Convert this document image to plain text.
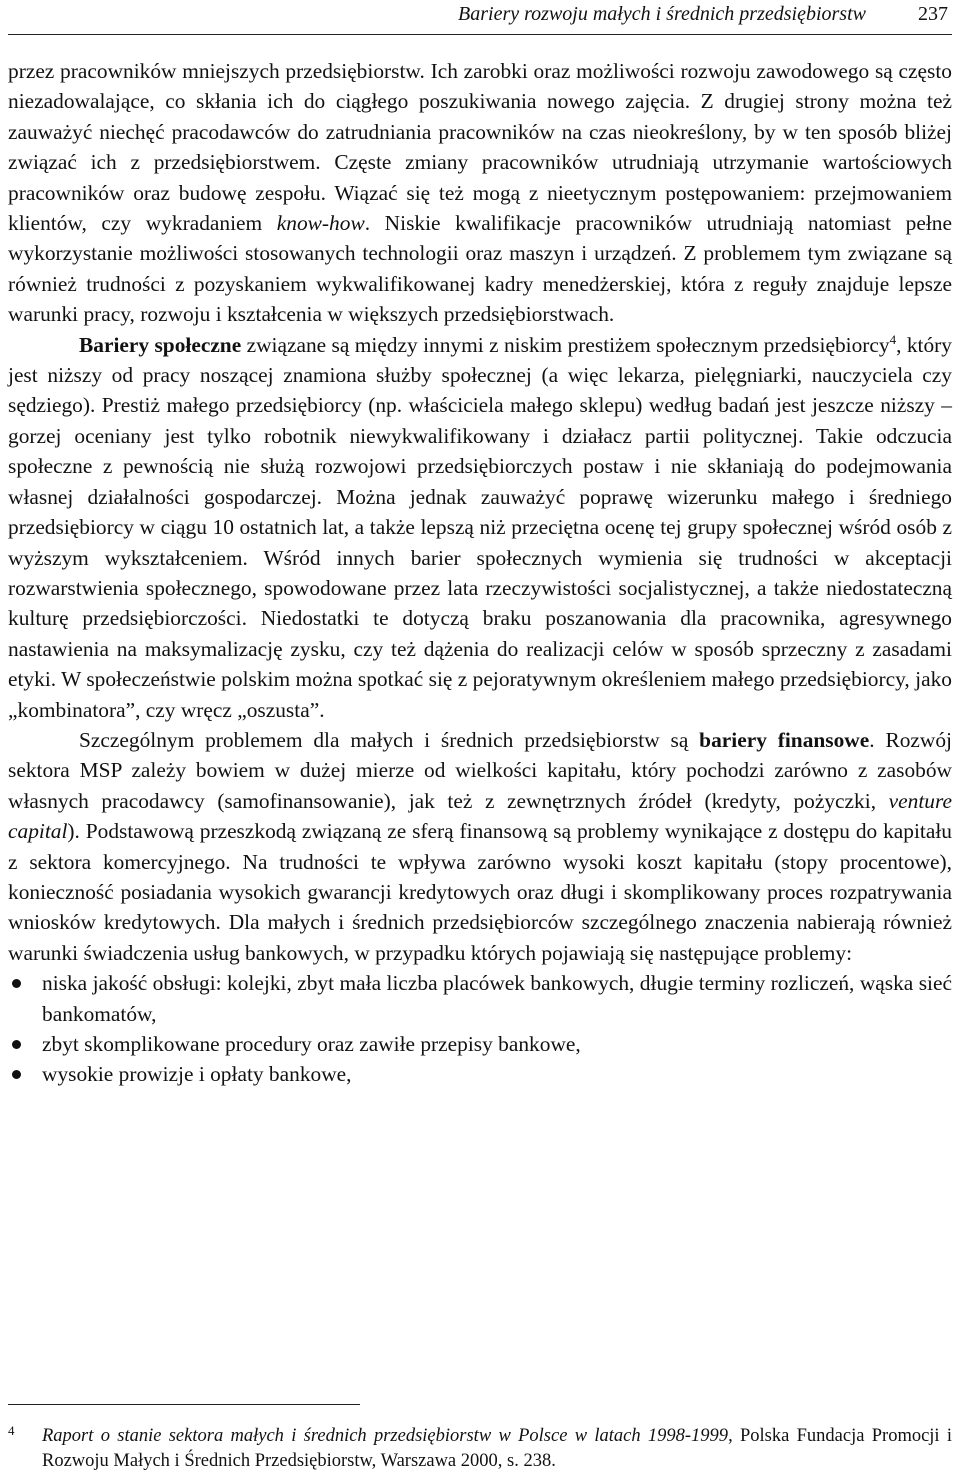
Bariery rozwoju małych i średnich przedsiębiorstw	237

przez pracowników mniejszych przedsiębiorstw. Ich zarobki oraz możliwości rozwoju zawodowego są często niezadowalające, co skłania ich do ciągłego poszukiwania nowego zajęcia. Z drugiej strony można też zauważyć niechęć pracodawców do zatrudniania pracowników na czas nieokreślony, by w ten sposób bliżej związać ich z przedsiębiorstwem. Częste zmiany pracowników utrudniają utrzymanie wartościowych pracowników oraz budowę zespołu. Wiązać się też mogą z nieetycznym postępowaniem: przejmowaniem klientów, czy wykradaniem know-how. Niskie kwalifikacje pracowników utrudniają natomiast pełne wykorzystanie możliwości stosowanych technologii oraz maszyn i urządzeń. Z problemem tym związane są również trudności z pozyskaniem wykwalifikowanej kadry menedżerskiej, która z reguły znajduje lepsze warunki pracy, rozwoju i kształcenia w większych przedsiębiorstwach.

Bariery społeczne związane są między innymi z niskim prestiżem społecznym przedsiębiorcy$^4$, który jest niższy od pracy noszącej znamiona służby społecznej (a więc lekarza, pielęgniarki, nauczyciela czy sędziego). Prestiż małego przedsiębiorcy (np. właściciela małego sklepu) według badań jest jeszcze niższy – gorzej oceniany jest tylko robotnik niewykwalifikowany i działacz partii politycznej. Takie odczucia społeczne z pewnością nie służą rozwojowi przedsiębiorczych postaw i nie skłaniają do podejmowania własnej działalności gospodarczej. Można jednak zauważyć poprawę wizerunku małego i średniego przedsiębiorcy w ciągu 10 ostatnich lat, a także lepszą niż przeciętna ocenę tej grupy społecznej wśród osób z wyższym wykształceniem. Wśród innych barier społecznych wymienia się trudności w akceptacji rozwarstwienia społecznego, spowodowane przez lata rzeczywistości socjalistycznej, a także niedostateczną kulturę przedsiębiorczości. Niedostatki te dotyczą braku poszanowania dla pracownika, agresywnego nastawienia na maksymalizację zysku, czy też dążenia do realizacji celów w sposób sprzeczny z zasadami etyki. W społeczeństwie polskim można spotkać się z pejoratywnym określeniem małego przedsiębiorcy, jako „kombinatora”, czy wręcz „oszusta”.

Szczególnym problemem dla małych i średnich przedsiębiorstw są bariery finansowe. Rozwój sektora MSP zależy bowiem w dużej mierze od wielkości kapitału, który pochodzi zarówno z zasobów własnych pracodawcy (samofinansowanie), jak też z zewnętrznych źródeł (kredyty, pożyczki, venture capital). Podstawową przeszkodą związaną ze sferą finansową są problemy wynikające z dostępu do kapitału z sektora komercyjnego. Na trudności te wpływa zarówno wysoki koszt kapitału (stopy procentowe), konieczność posiadania wysokich gwarancji kredytowych oraz długi i skomplikowany proces rozpatrywania wniosków kredytowych. Dla małych i średnich przedsiębiorców szczególnego znaczenia nabierają również warunki świadczenia usług bankowych, w przypadku których pojawiają się następujące problemy:

niska jakość obsługi: kolejki, zbyt mała liczba placówek bankowych, długie terminy rozliczeń, wąska sieć bankomatów,
zbyt skomplikowane procedury oraz zawiłe przepisy bankowe,
wysokie prowizje i opłaty bankowe,
4	Raport o stanie sektora małych i średnich przedsiębiorstw w Polsce w latach 1998-1999, Polska Fundacja Promocji i Rozwoju Małych i Średnich Przedsiębiorstw, Warszawa 2000, s. 238.
